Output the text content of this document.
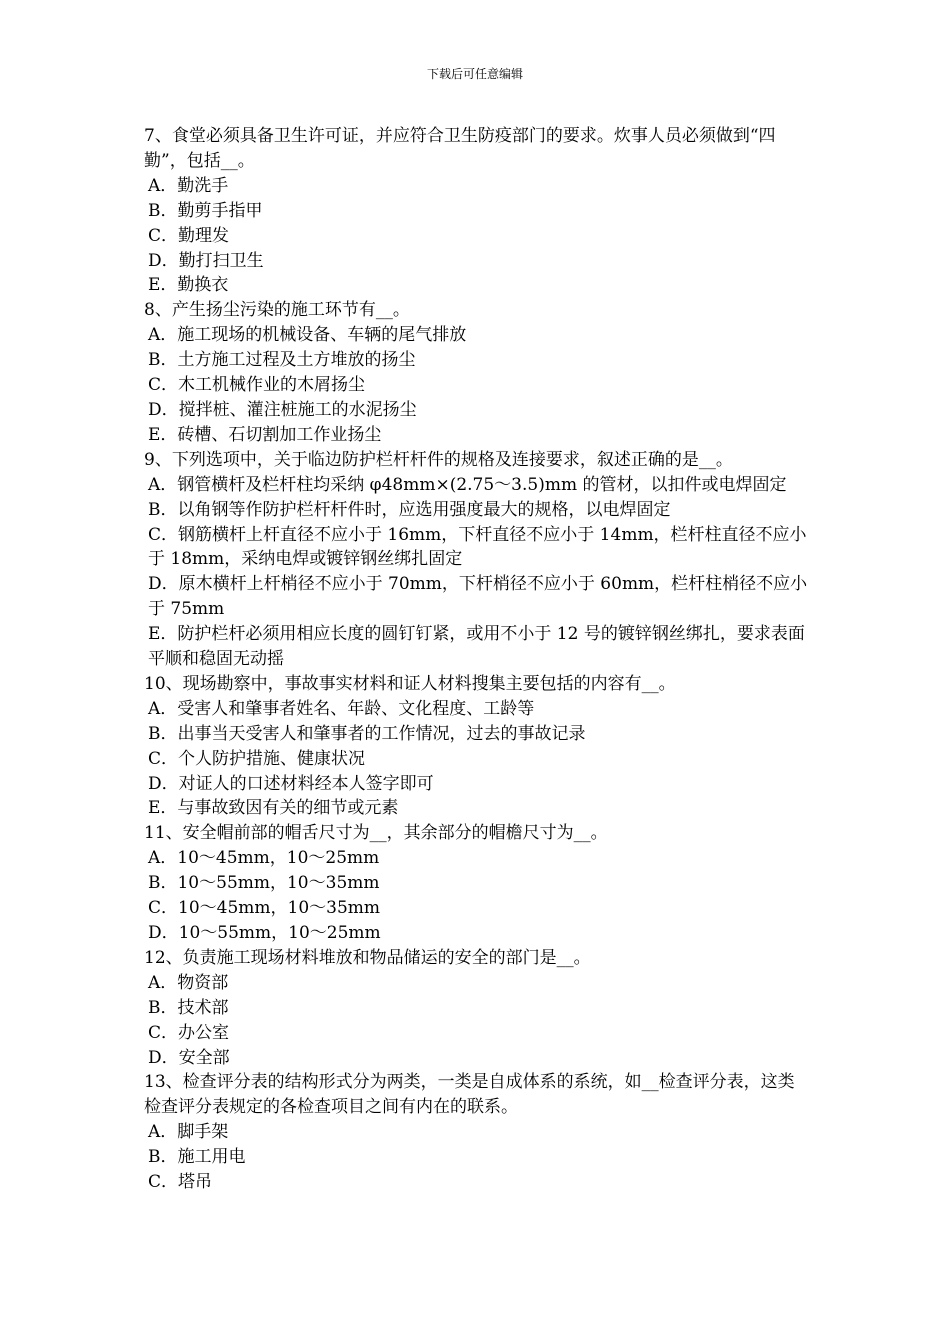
下载后可任意编辑

7、食堂必须具备卫生许可证，并应符合卫生防疫部门的要求。炊事人员必须做到“四勤”，包括__。

A．勤洗手

B．勤剪手指甲

C．勤理发

D．勤打扫卫生

E．勤换衣

8、产生扬尘污染的施工环节有__。

A．施工现场的机械设备、车辆的尾气排放

B．土方施工过程及土方堆放的扬尘

C．木工机械作业的木屑扬尘

D．搅拌桩、灌注桩施工的水泥扬尘

E．砖槽、石切割加工作业扬尘

9、下列选项中，关于临边防护栏杆杆件的规格及连接要求，叙述正确的是__。

A．钢管横杆及栏杆柱均采纳 φ48mm×(2.75～3.5)mm 的管材，以扣件或电焊固定

B．以角钢等作防护栏杆杆件时，应选用强度最大的规格，以电焊固定

C．钢筋横杆上杆直径不应小于 16mm，下杆直径不应小于 14mm，栏杆柱直径不应小于 18mm，采纳电焊或镀锌钢丝绑扎固定

D．原木横杆上杆梢径不应小于 70mm，下杆梢径不应小于 60mm，栏杆柱梢径不应小于 75mm

E．防护栏杆必须用相应长度的圆钉钉紧，或用不小于 12 号的镀锌钢丝绑扎，要求表面平顺和稳固无动摇

10、现场勘察中，事故事实材料和证人材料搜集主要包括的内容有__。

A．受害人和肇事者姓名、年龄、文化程度、工龄等

B．出事当天受害人和肇事者的工作情况，过去的事故记录

C．个人防护措施、健康状况

D．对证人的口述材料经本人签字即可

E．与事故致因有关的细节或元素

11、安全帽前部的帽舌尺寸为__，其余部分的帽檐尺寸为__。

A．10～45mm，10～25mm

B．10～55mm，10～35mm

C．10～45mm，10～35mm

D．10～55mm，10～25mm

12、负责施工现场材料堆放和物品储运的安全的部门是__。

A．物资部

B．技术部

C．办公室

D．安全部

13、检查评分表的结构形式分为两类，一类是自成体系的系统，如__检查评分表，这类检查评分表规定的各检查项目之间有内在的联系。

A．脚手架

B．施工用电

C．塔吊
